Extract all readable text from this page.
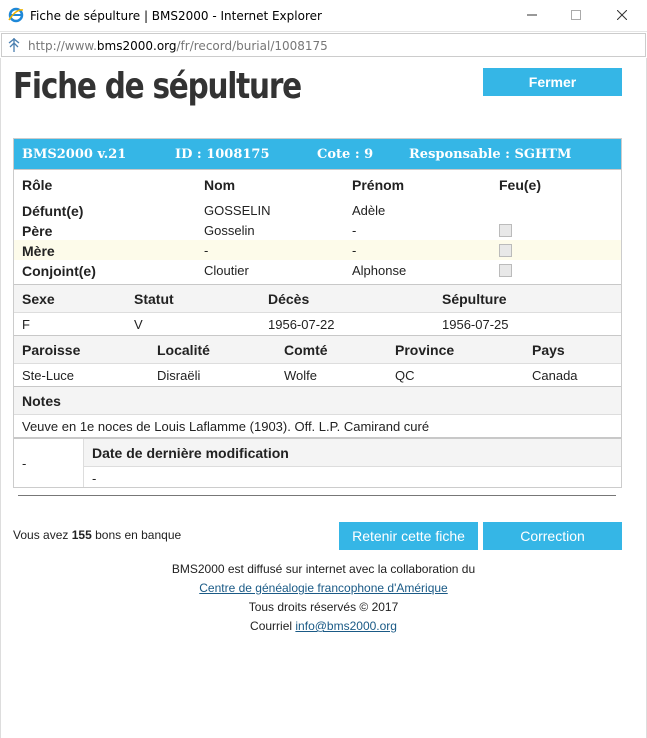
Fiche de sépulture | BMS2000 - Internet Explorer
http://www.bms2000.org/fr/record/burial/1008175
Fiche de sépulture	Fermer
BMS2000 v.21	ID : 1008175	Cote : 9	Responsable : SGHTM
Rôle	Nom	Prénom	Feu(e)
Défunt(e)	GOSSELIN	Adèle
Père	Gosselin	-
Mère	-	-
Conjoint(e)	Cloutier	Alphonse
Sexe	Statut	Décès	Sépulture
F	V	1956-07-22	1956-07-25
Paroisse	Localité	Comté	Province	Pays
Ste-Luce	Disraëli	Wolfe	QC	Canada
Notes
Veuve en 1e noces de Louis Laflamme (1903). Off. L.P. Camirand curé
-
Date de dernière modification
-
Vous avez 155 bons en banque	Retenir cette fiche	Correction
BMS2000 est diffusé sur internet avec la collaboration du
Centre de généalogie francophone d'Amérique
Tous droits réservés © 2017
Courriel info@bms2000.org
